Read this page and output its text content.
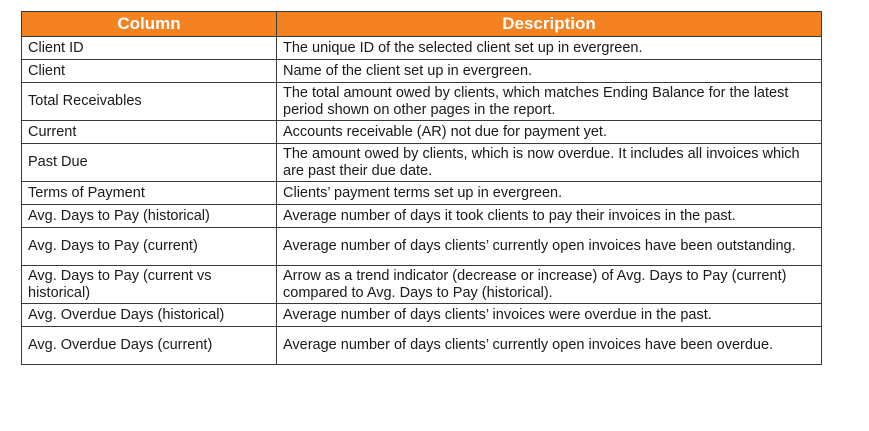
Column	Description
Client ID	The unique ID of the selected client set up in evergreen.
Client	Name of the client set up in evergreen.
Total Receivables	The total amount owed by clients, which matches Ending Balance for the latest period shown on other pages in the report.
Current	Accounts receivable (AR) not due for payment yet.
Past Due	The amount owed by clients, which is now overdue. It includes all invoices which are past their due date.
Terms of Payment	Clients’ payment terms set up in evergreen.
Avg. Days to Pay (historical)	Average number of days it took clients to pay their invoices in the past.
Avg. Days to Pay (current)	Average number of days clients’ currently open invoices have been outstanding.
Avg. Days to Pay (current vs historical)	Arrow as a trend indicator (decrease or increase) of Avg. Days to Pay (current) compared to Avg. Days to Pay (historical).
Avg. Overdue Days (historical)	Average number of days clients’ invoices were overdue in the past.
Avg. Overdue Days (current)	Average number of days clients’ currently open invoices have been overdue.
